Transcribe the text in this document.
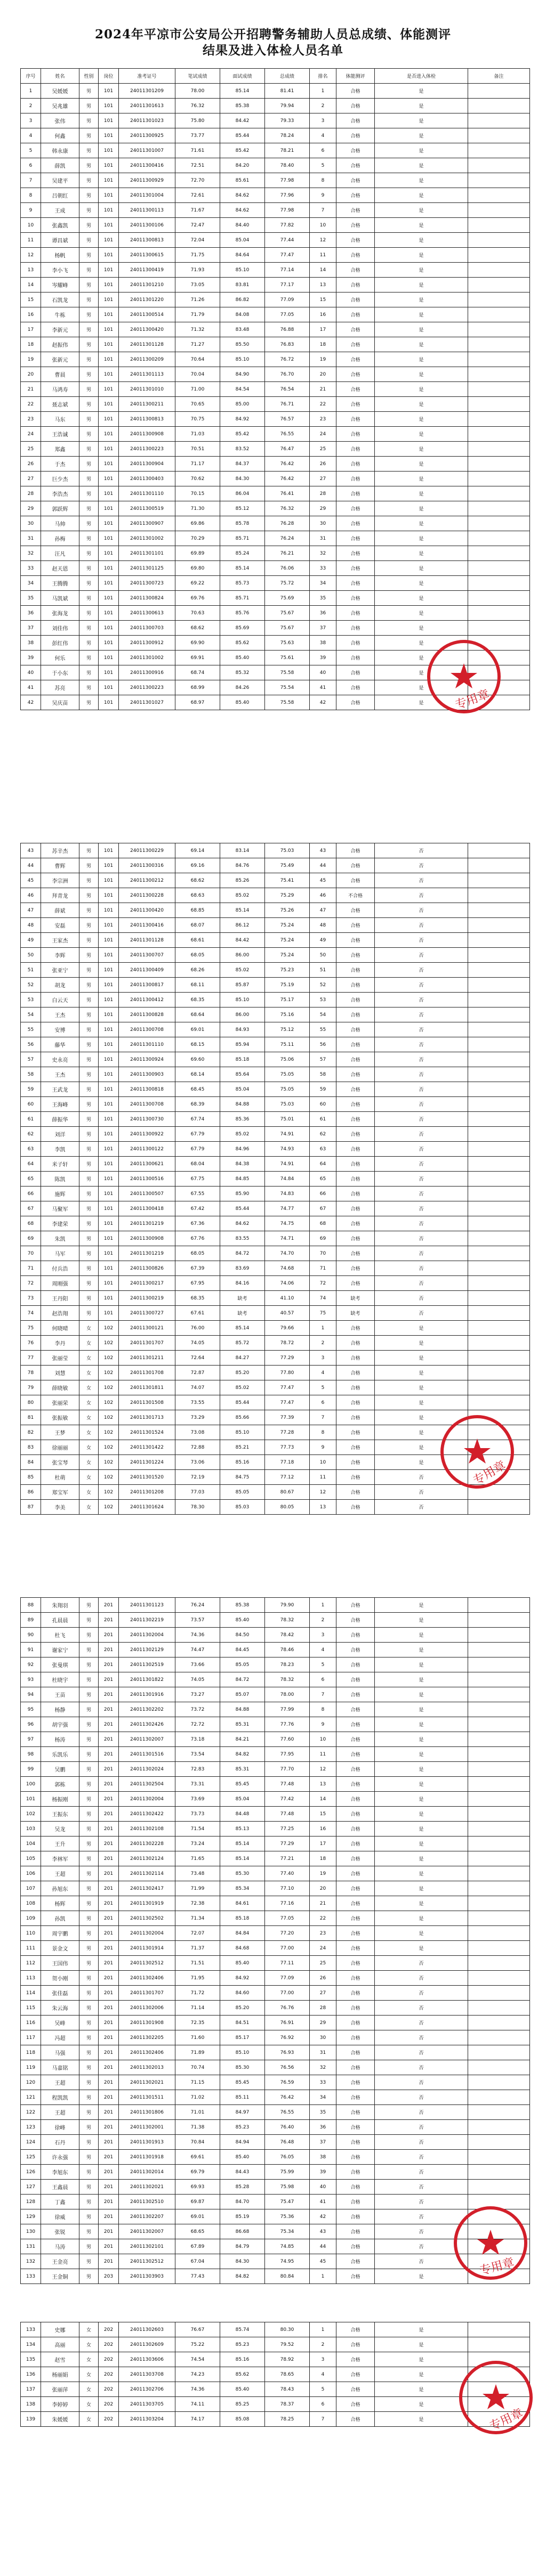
2024年平凉市公安局公开招聘警务辅助人员总成绩、体能测评
结果及进入体检人员名单
序号	姓名	性别	岗位	准考证号	笔试成绩	面试成绩	总成绩	排名	体能测评	是否进入体检	备注
1	吴媛媛	男	101	24011301209	78.00	85.14	81.41	1	合格	是	
2	吴兆雄	男	101	24011301613	76.32	85.38	79.94	2	合格	是	
3	张伟	男	101	24011301023	75.80	84.42	79.33	3	合格	是	
4	何鑫	男	101	24011300925	73.77	85.44	78.24	4	合格	是	
5	韩永康	男	101	24011301007	71.61	85.42	78.21	6	合格	是	
6	薛凯	男	101	24011300416	72.51	84.20	78.40	5	合格	是	
7	吴建平	男	101	24011300929	72.70	85.61	77.98	8	合格	是	
8	吕朝红	男	101	24011301004	72.61	84.62	77.96	9	合格	是	
9	王成	男	101	24011300113	71.67	84.62	77.98	7	合格	是	
10	张鑫凯	男	101	24011300106	72.47	84.40	77.82	10	合格	是	
11	谭昌斌	男	101	24011300813	72.04	85.04	77.44	12	合格	是	
12	杨帆	男	101	24011300615	71.75	84.64	77.47	11	合格	是	
13	李小飞	男	101	24011300419	71.93	85.10	77.14	14	合格	是	
14	岑耀峰	男	101	24011301210	73.05	83.81	77.17	13	合格	是	
15	石凯龙	男	101	24011301220	71.26	86.82	77.09	15	合格	是	
16	牛栋	男	101	24011300514	71.79	84.08	77.05	16	合格	是	
17	李新元	男	101	24011300420	71.32	83.48	76.88	17	合格	是	
18	赵振伟	男	101	24011301128	71.27	85.50	76.83	18	合格	是	
19	张新元	男	101	24011300209	70.64	85.10	76.72	19	合格	是	
20	曹晨	男	101	24011301113	70.04	84.90	76.70	20	合格	是	
21	马鸿寿	男	101	24011301010	71.00	84.54	76.54	21	合格	是	
22	聂志斌	男	101	24011300211	70.65	85.00	76.71	22	合格	是	
23	马东	男	101	24011300813	70.75	84.92	76.57	23	合格	是	
24	王浩诚	男	101	24011300908	71.03	85.42	76.55	24	合格	是	
25	郑鑫	男	101	24011300223	70.51	83.52	76.47	25	合格	是	
26	于杰	男	101	24011300904	71.17	84.37	76.42	26	合格	是	
27	巨少杰	男	101	24011300403	70.62	84.30	76.42	27	合格	是	
28	李浩杰	男	101	24011301110	70.15	86.04	76.41	28	合格	是	
29	郭跃辉	男	101	24011300519	71.30	85.12	76.32	29	合格	是	
30	马帅	男	101	24011300907	69.86	85.78	76.28	30	合格	是	
31	孙梅	男	101	24011301002	70.29	85.71	76.24	31	合格	是	
32	汪凡	男	101	24011301101	69.89	85.24	76.21	32	合格	是	
33	赵天恩	男	101	24011301125	69.80	85.14	76.06	33	合格	是	
34	王腾腾	男	101	24011300723	69.22	85.73	75.72	34	合格	是	
35	马凯斌	男	101	24011300824	69.76	85.71	75.69	35	合格	是	
36	张海龙	男	101	24011300613	70.63	85.76	75.67	36	合格	是	
37	刘佳伟	男	101	24011300703	68.62	85.69	75.67	37	合格	是	
38	彭红伟	男	101	24011300912	69.90	85.62	75.63	38	合格	是	
39	何乐	男	101	24011301002	69.91	85.40	75.61	39	合格	是	
40	于小东	男	101	24011300916	68.74	85.32	75.58	40	合格	是	
41	苏亮	男	101	24011300223	68.99	84.26	75.54	41	合格	是	
42	吴庆苗	男	101	24011301027	68.97	85.40	75.58	42	合格	是		专用章
43	苏辛杰	男	101	24011300229	69.14	83.14	75.03	43	合格	否	
44	曹辉	男	101	24011300316	69.16	84.76	75.49	44	合格	否	
45	李宗洲	男	101	24011300212	68.62	85.26	75.41	45	合格	否	
46	拜青龙	男	101	24011300228	68.63	85.02	75.29	46	不合格	否	
47	薛斌	男	101	24011300420	68.85	85.14	75.26	47	合格	否	
48	安磊	男	101	24011300416	68.07	86.12	75.24	48	合格	否	
49	王家杰	男	101	24011301128	68.61	84.42	75.24	49	合格	否	
50	李辉	男	101	24011300707	68.05	86.00	75.24	50	合格	否	
51	张亚宁	男	101	24011300409	68.26	85.02	75.23	51	合格	否	
52	胡龙	男	101	24011300817	68.11	85.87	75.19	52	合格	否	
53	白云天	男	101	24011300412	68.35	85.10	75.17	53	合格	否	
54	王杰	男	101	24011300828	68.64	86.00	75.16	54	合格	否	
55	安博	男	101	24011300708	69.01	84.93	75.12	55	合格	否	
56	藤华	男	101	24011301110	68.15	85.94	75.11	56	合格	否	
57	史永亮	男	101	24011300924	69.60	85.18	75.06	57	合格	否	
58	王杰	男	101	24011300903	68.14	85.64	75.05	58	合格	否	
59	王武龙	男	101	24011300818	68.45	85.04	75.05	59	合格	否	
60	王海峰	男	101	24011300708	68.39	84.88	75.03	60	合格	否	
61	薛振华	男	101	24011300730	67.74	85.36	75.01	61	合格	否	
62	刘洋	男	101	24011300922	67.79	85.02	74.91	62	合格	否	
63	李凯	男	101	24011300122	67.79	84.96	74.93	63	合格	否	
64	米子轩	男	101	24011300621	68.04	84.38	74.91	64	合格	否	
65	陈凯	男	101	24011300516	67.75	84.85	74.84	65	合格	否	
66	施辉	男	101	24011300507	67.55	85.90	74.83	66	合格	否	
67	马聚军	男	101	24011300418	67.42	85.44	74.77	67	合格	否	
68	李建荣	男	101	24011301219	67.36	84.62	74.75	68	合格	否	
69	朱凯	男	101	24011300908	67.76	83.55	74.71	69	合格	否	
70	马军	男	101	24011301219	68.05	84.72	74.70	70	合格	否	
71	付兵浩	男	101	24011300826	67.39	83.69	74.68	71	合格	否	
72	周刚强	男	101	24011300217	67.95	84.16	74.06	72	合格	否	
73	王丹阳	男	101	24011300219	68.35	缺考	41.10	74	缺考	否	
74	赵浩翔	男	101	24011300727	67.61	缺考	40.57	75	缺考	否	
75	何晓晴	女	102	24011300121	76.00	85.14	79.66	1	合格	是	
76	李丹	女	102	24011301707	74.05	85.72	78.72	2	合格	是	
77	张丽莹	女	102	24011301211	72.64	84.27	77.29	3	合格	是	
78	刘慧	女	102	24011301708	72.87	85.20	77.80	4	合格	是	
79	薛晓敏	女	102	24011301811	74.07	85.02	77.47	5	合格	是	
80	张丽荣	女	102	24011301508	73.55	85.44	77.47	6	合格	是	
81	张振敏	女	102	24011301713	73.29	85.66	77.39	7	合格	是	
82	王梦	女	102	24011301524	73.08	85.10	77.28	8	合格	是	
83	徐丽丽	女	102	24011301422	72.88	85.21	77.73	9	合格	是	
84	张宝琴	女	102	24011301224	73.06	85.16	77.18	10	合格	是	
85	杜萌	女	102	24011301520	72.19	84.75	77.12	11	合格	否	
86	郑宝军	女	102	24011301208	77.03	85.05	80.67	12	合格	否	
87	李美	女	102	24011301624	78.30	85.03	80.05	13	合格	否	
专用章
88	朱翔羽	男	201	24011301123	76.24	85.38	79.90	1	合格	是	
89	孔晨晨	男	201	24011302219	73.57	85.40	78.32	2	合格	是	
90	杜飞	男	201	24011302004	74.36	84.50	78.42	3	合格	是	
91	谢家宁	男	201	24011302129	74.47	84.45	78.46	4	合格	是	
92	张曼琪	男	201	24011302519	73.66	85.05	78.23	5	合格	是	
93	杜晓宇	男	201	24011301822	74.05	84.72	78.32	6	合格	是	
94	王苗	男	201	24011301916	73.27	85.07	78.00	7	合格	是	
95	杨静	男	201	24011302202	73.72	84.88	77.99	8	合格	是	
96	胡宇强	男	201	24011302426	72.72	85.31	77.76	9	合格	是	
97	杨涛	男	201	24011302007	73.18	84.21	77.60	10	合格	是	
98	乐凯乐	男	201	24011301516	73.54	84.82	77.95	11	合格	是	
99	吴鹏	男	201	24011302024	72.83	85.31	77.70	12	合格	是	
100	郭栋	男	201	24011302504	73.31	85.45	77.48	13	合格	是	
101	杨振刚	男	201	24011302004	73.69	85.04	77.42	14	合格	是	
102	王振东	男	201	24011302422	73.73	84.48	77.48	15	合格	是	
103	吴龙	男	201	24011302108	71.54	85.13	77.25	16	合格	是	
104	王升	男	201	24011302228	73.24	85.14	77.29	17	合格	是	
105	李林军	男	201	24011302124	71.65	85.14	77.21	18	合格	是	
106	王超	男	201	24011302114	73.48	85.30	77.40	19	合格	是	
107	孙旭东	男	201	24011302417	71.99	85.34	77.10	20	合格	是	
108	杨辉	男	201	24011301919	72.38	84.61	77.16	21	合格	是	
109	孙凯	男	201	24011302502	71.34	85.18	77.05	22	合格	是	
110	周宇鹏	男	201	24011302004	72.07	84.84	77.20	23	合格	是	
111	景金文	男	201	24011301914	71.37	84.68	77.00	24	合格	是	
112	王国伟	男	201	24011302512	71.51	85.40	77.11	25	合格	否	
113	贺小刚	男	201	24011302406	71.95	84.92	77.09	26	合格	否	
114	张佳磊	男	201	24011301707	71.72	84.60	77.00	27	合格	否	
115	朱云海	男	201	24011302006	71.14	85.20	76.76	28	合格	否	
116	吴峰	男	201	24011301908	72.35	84.51	76.91	29	合格	否	
117	冯超	男	201	24011302205	71.60	85.17	76.92	30	合格	否	
118	马强	男	201	24011302406	71.89	85.10	76.93	31	合格	否	
119	马嘉铭	男	201	24011302013	70.74	85.30	76.56	32	合格	否	
120	王超	男	201	24011302021	71.15	85.45	76.59	33	合格	否	
121	程凯凯	男	201	24011301511	71.02	85.11	76.42	34	合格	否	
122	王超	男	201	24011301806	71.01	84.97	76.55	35	合格	否	
123	徐峰	男	201	24011302001	71.38	85.23	76.40	36	合格	否	
124	石丹	男	201	24011301913	70.84	84.94	76.48	37	合格	否	
125	许永强	男	201	24011301918	69.61	85.40	76.05	38	合格	否	
126	李旭东	男	201	24011302014	69.79	84.43	75.99	39	合格	否	
127	王鑫晨	男	201	24011302021	69.93	85.28	75.98	40	合格	否	
128	丁鑫	男	201	24011302510	69.87	84.70	75.47	41	合格	否	
129	徐威	男	201	24011302207	69.01	85.19	75.36	42	合格	否	
130	张锐	男	201	24011302007	68.65	86.68	75.34	43	合格	否	
131	马涛	男	201	24011302101	67.89	84.79	74.85	44	合格	否	
132	王金亮	男	201	24011302512	67.04	84.30	74.95	45	合格	否	
133	王金铜	男	203	24011303903	77.43	84.82	80.84	1	合格	是		专用章
133	史娜	女	202	24011302603	76.67	85.74	80.30	1	合格	是	
134	高丽	女	202	24011302609	75.22	85.23	79.52	2	合格	是	
135	赵雪	女	202	24011303606	74.54	85.16	78.92	3	合格	是	
136	杨丽娟	女	202	24011303708	74.23	85.62	78.65	4	合格	是	
137	张丽萍	女	202	24011302706	74.36	85.40	78.43	5	合格	是	
138	李婷婷	女	202	24011303705	74.11	85.25	78.37	6	合格	是	
139	朱媛媛	女	202	24011303204	74.17	85.08	78.25	7	合格	是		专用章
